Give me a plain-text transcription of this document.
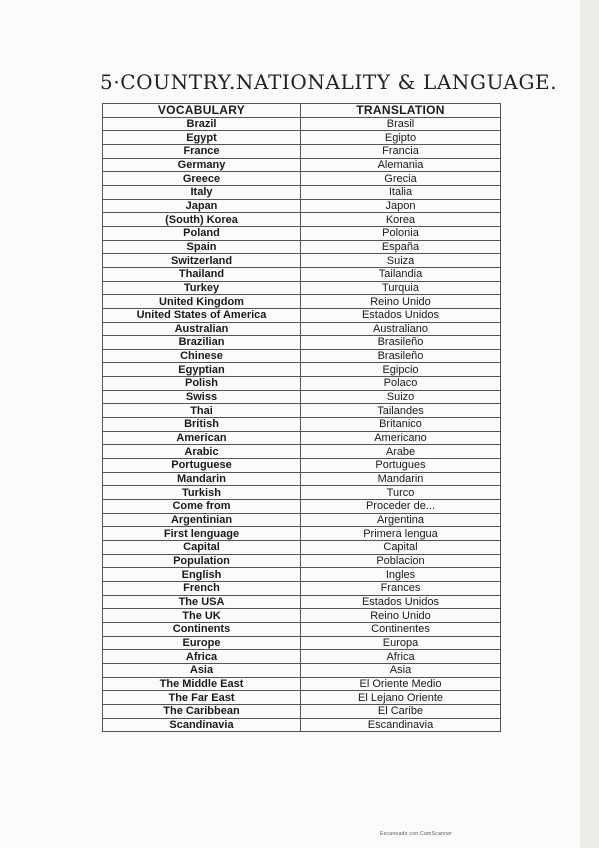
5·COUNTRY.NATIONALITY & LANGUAGE.
VOCABULARY	TRANSLATION
Brazil	Brasil
Egypt	Egipto
France	Francia
Germany	Alemania
Greece	Grecia
Italy	Italia
Japan	Japon
(South) Korea	Korea
Poland	Polonia
Spain	España
Switzerland	Suiza
Thailand	Tailandia
Turkey	Turquia
United Kingdom	Reino Unido
United States of America	Estados Unidos
Australian	Australiano
Brazilian	Brasileño
Chinese	Brasileño
Egyptian	Egipcio
Polish	Polaco
Swiss	Suizo
Thai	Tailandes
British	Britanico
American	Americano
Arabic	Arabe
Portuguese	Portugues
Mandarin	Mandarin
Turkish	Turco
Come from	Proceder de...
Argentinian	Argentina
First lenguage	Primera lengua
Capital	Capital
Population	Poblacion
English	Ingles
French	Frances
The USA	Estados Unidos
The UK	Reino Unido
Continents	Continentes
Europe	Europa
Africa	Africa
Asia	Asia
The Middle East	El Oriente Medio
The Far East	El Lejano Oriente
The Caribbean	El Caribe
Scandinavia	Escandinavia
Escaneado con CamScanner
